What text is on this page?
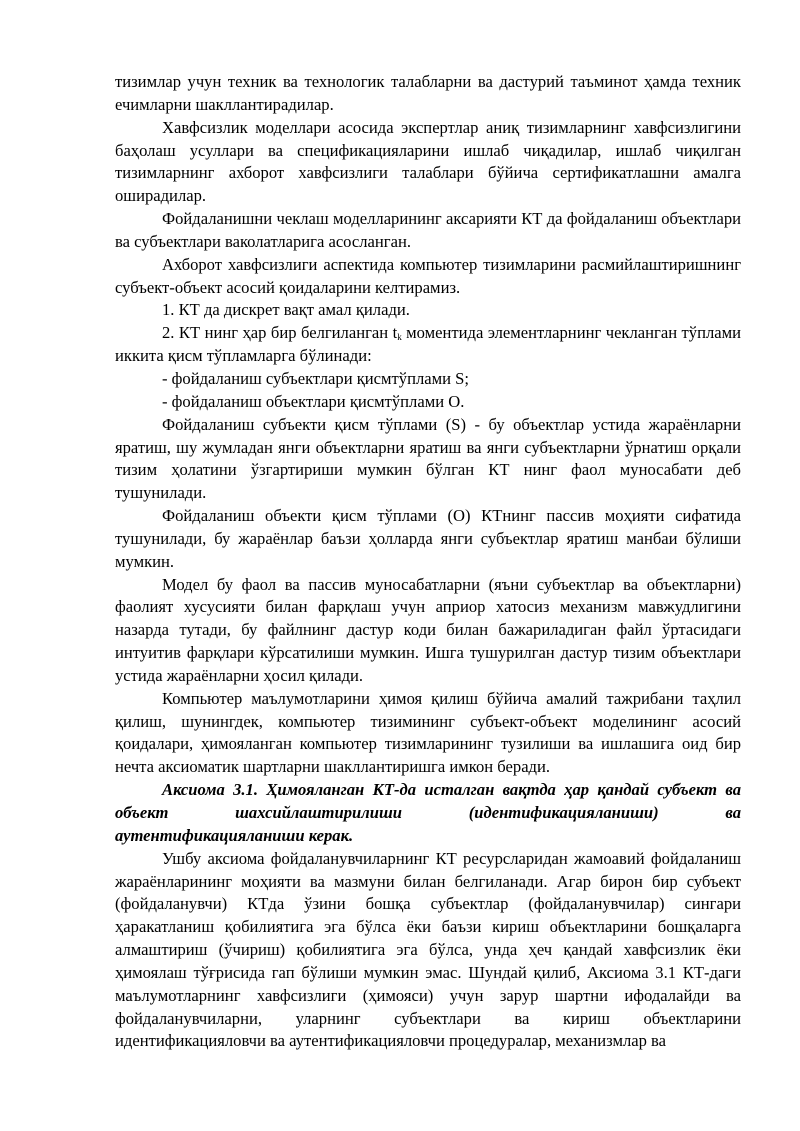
тизимлар учун техник ва технологик талабларни ва дастурий таъминот ҳамда техник ечимларни шакллантирадилар.

Хавфсизлик моделлари асосида экспертлар аниқ тизимларнинг хавфсизлигини баҳолаш усуллари ва спецификацияларини ишлаб чиқадилар, ишлаб чиқилган тизимларнинг ахборот хавфсизлиги талаблари бўйича сертификатлашни амалга оширадилар.

Фойдаланишни чеклаш моделларининг аксарияти КТ да фойдаланиш объектлари ва субъектлари ваколатларига асосланган.

Ахборот хавфсизлиги аспектида компьютер тизимларини расмийлаштиришнинг субъект-объект асосий қоидаларини келтирамиз.

1. КТ да дискрет вақт амал қилади.

2. КТ нинг ҳар бир белгиланган $t_k$ моментида элементларнинг чекланган тўплами иккита қисм тўпламларга бўлинади:

- фойдаланиш субъектлари қисмтўплами S;

- фойдаланиш объектлари қисмтўплами О.

Фойдаланиш субъекти қисм тўплами (S) - бу объектлар устида жараёнларни яратиш, шу жумладан янги объектларни яратиш ва янги субъектларни ўрнатиш орқали тизим ҳолатини ўзгартириши мумкин бўлган КТ нинг фаол муносабати деб тушунилади.

Фойдаланиш объекти қисм тўплами (О) КТнинг пассив моҳияти сифатида тушунилади, бу жараёнлар баъзи ҳолларда янги субъектлар яратиш манбаи бўлиши мумкин.

Модел бу фаол ва пассив муносабатларни (яъни субъектлар ва объектларни) фаолият хусусияти билан фарқлаш учун априор хатосиз механизм мавжудлигини назарда тутади, бу файлнинг дастур коди билан бажариладиган файл ўртасидаги интуитив фарқлари кўрсатилиши мумкин. Ишга тушурилган дастур тизим объектлари устида жараёнларни ҳосил қилади.

Компьютер маълумотларини ҳимоя қилиш бўйича амалий тажрибани таҳлил қилиш, шунингдек, компьютер тизимининг субъект-объект моделининг асосий қоидалари, ҳимояланган компьютер тизимларининг тузилиши ва ишлашига оид бир нечта аксиоматик шартларни шакллантиришга имкон беради.

Аксиома 3.1. Ҳимояланган КТ-да исталган вақтда ҳар қандай субъект ва объект шахсийлаштирилиши (идентификацияланиши) ва аутентификацияланиши керак.

Ушбу аксиома фойдаланувчиларнинг КТ ресурсларидан жамоавий фойдаланиш жараёнларининг моҳияти ва мазмуни билан белгиланади. Агар бирон бир субъект (фойдаланувчи) КТда ўзини бошқа субъектлар (фойдаланувчилар) сингари ҳаракатланиш қобилиятига эга бўлса ёки баъзи кириш объектларини бошқаларга алмаштириш (ўчириш) қобилиятига эга бўлса, унда ҳеч қандай хавфсизлик ёки ҳимоялаш тўғрисида гап бўлиши мумкин эмас. Шундай қилиб, Аксиома 3.1 КТ-даги маълумотларнинг хавфсизлиги (ҳимояси) учун зарур шартни ифодалайди ва фойдаланувчиларни, уларнинг субъектлари ва кириш объектларини идентификацияловчи ва аутентификацияловчи процедуралар, механизмлар ва
